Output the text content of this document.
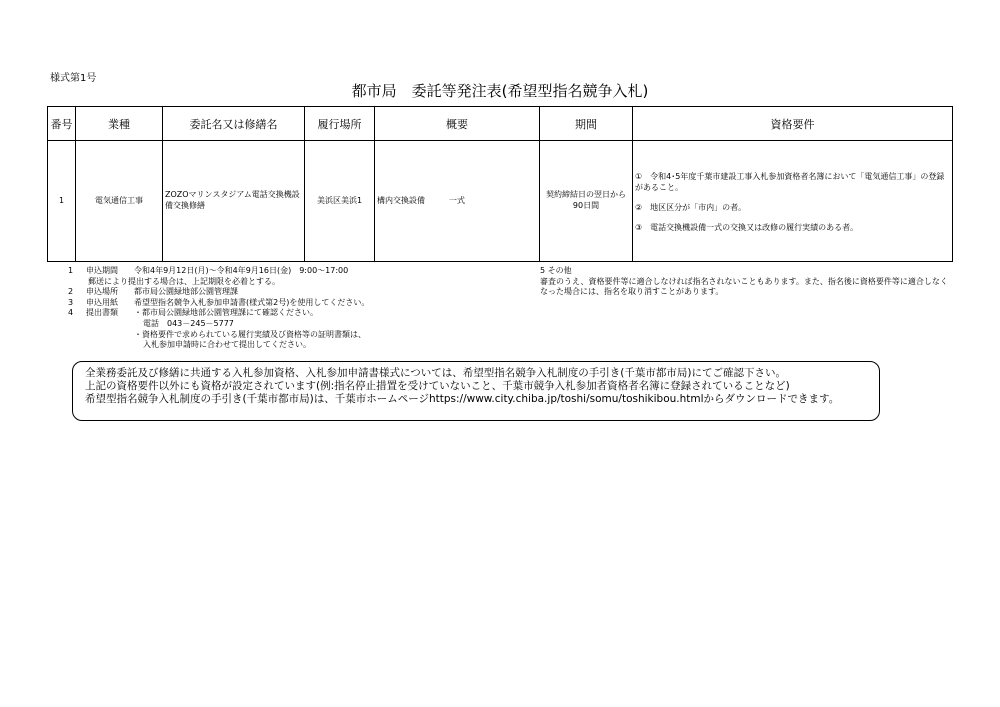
様式第1号
都市局　委託等発注表(希望型指名競争入札)
番号	業種	委託名又は修繕名	履行場所	概要	期間	資格要件
1	電気通信工事	ZOZOマリンスタジアム電話交換機設備交換修繕	美浜区美浜1	構内交換設備　　　一式	契約締結日の翌日から90日間	①　令和4･5年度千葉市建設工事入札参加資格者名簿において「電気通信工事」の登録があること。
②　地区区分が「市内」の者。
③　電話交換機設備一式の交換又は改修の履行実績のある者。
1 申込期間 令和4年9月12日(月)～令和4年9月16日(金)　9:00～17:00
郵送により提出する場合は、上記期限を必着とする。
2 申込場所 都市局公園緑地部公園管理課
3 申込用紙 希望型指名競争入札参加申請書(様式第2号)を使用してください。
4 提出書類 ・都市局公園緑地部公園管理課にて確認ください。
電話　043－245－5777
・資格要件で求められている履行実績及び資格等の証明書類は、
入札参加申請時に合わせて提出してください。
5 その他
審査のうえ、資格要件等に適合しなければ指名されないこともあります。また、指名後に資格要件等に適合しなくなった場合には、指名を取り消すことがあります。
全業務委託及び修繕に共通する入札参加資格、入札参加申請書様式については、希望型指名競争入札制度の手引き(千葉市都市局)にてご確認下さい。
上記の資格要件以外にも資格が設定されています(例:指名停止措置を受けていないこと、千葉市競争入札参加者資格者名簿に登録されていることなど)
希望型指名競争入札制度の手引き(千葉市都市局)は、千葉市ホームページhttps://www.city.chiba.jp/toshi/somu/toshikibou.htmlからダウンロードできます。
